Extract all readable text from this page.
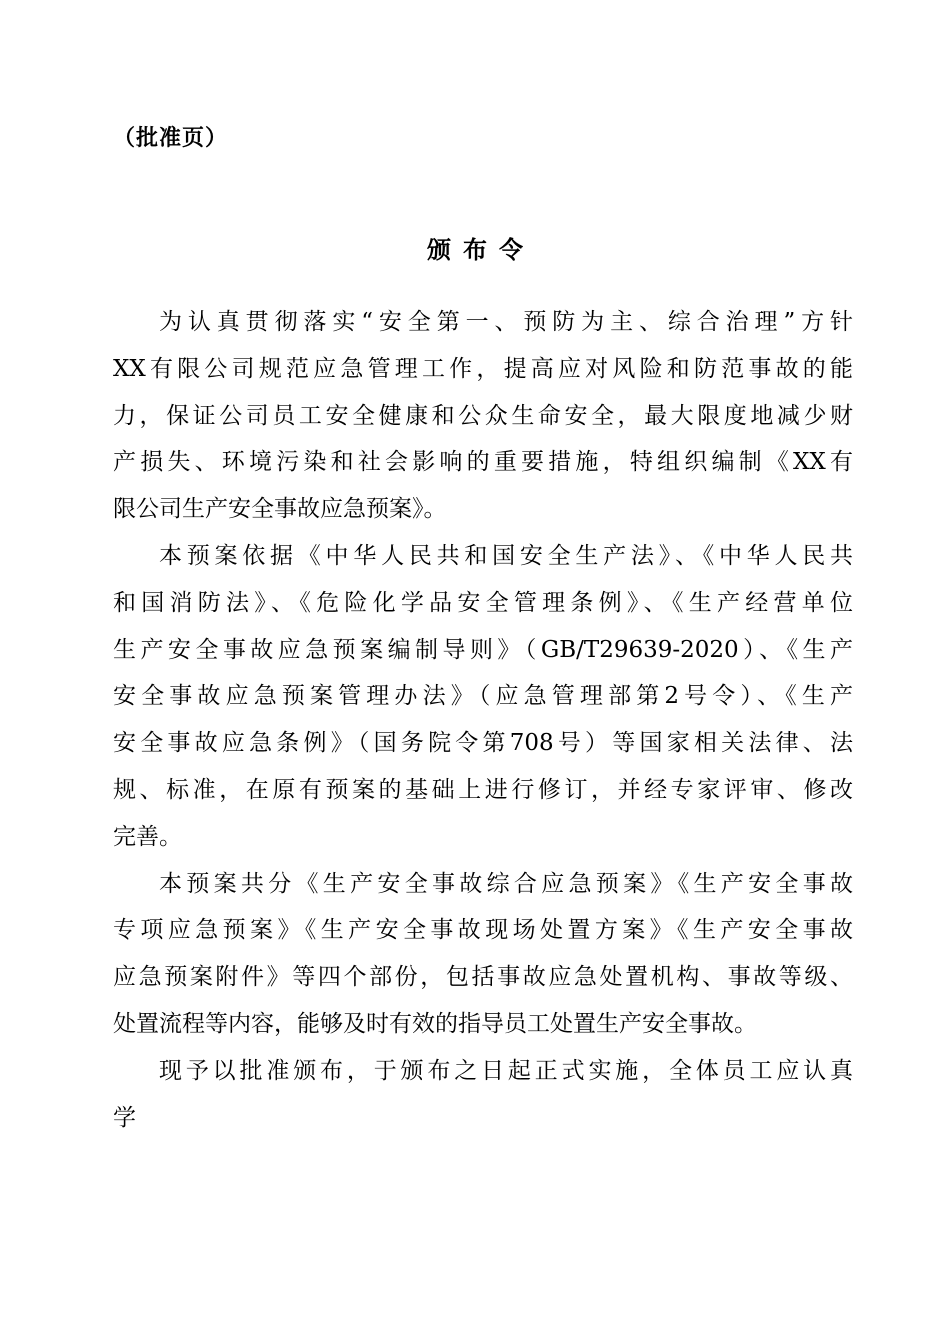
（批准页）
颁布令
为认真贯彻落实“安全第一、预防为主、综合治理”方针
XX有限公司规范应急管理工作，提高应对风险和防范事故的能
力，保证公司员工安全健康和公众生命安全，最大限度地减少财
产损失、环境污染和社会影响的重要措施，特组织编制《XX有
限公司生产安全事故应急预案》。
本预案依据《中华人民共和国安全生产法》、《中华人民共
和国消防法》、《危险化学品安全管理条例》、《生产经营单位
生产安全事故应急预案编制导则》（GB/T29639-2020）、《生产
安全事故应急预案管理办法》（应急管理部第2号令）、《生产
安全事故应急条例》（国务院令第708号）等国家相关法律、法
规、标准，在原有预案的基础上进行修订，并经专家评审、修改
完善。
本预案共分《生产安全事故综合应急预案》《生产安全事故
专项应急预案》《生产安全事故现场处置方案》《生产安全事故
应急预案附件》等四个部份，包括事故应急处置机构、事故等级、
处置流程等内容，能够及时有效的指导员工处置生产安全事故。
现予以批准颁布，于颁布之日起正式实施，全体员工应认真
学
